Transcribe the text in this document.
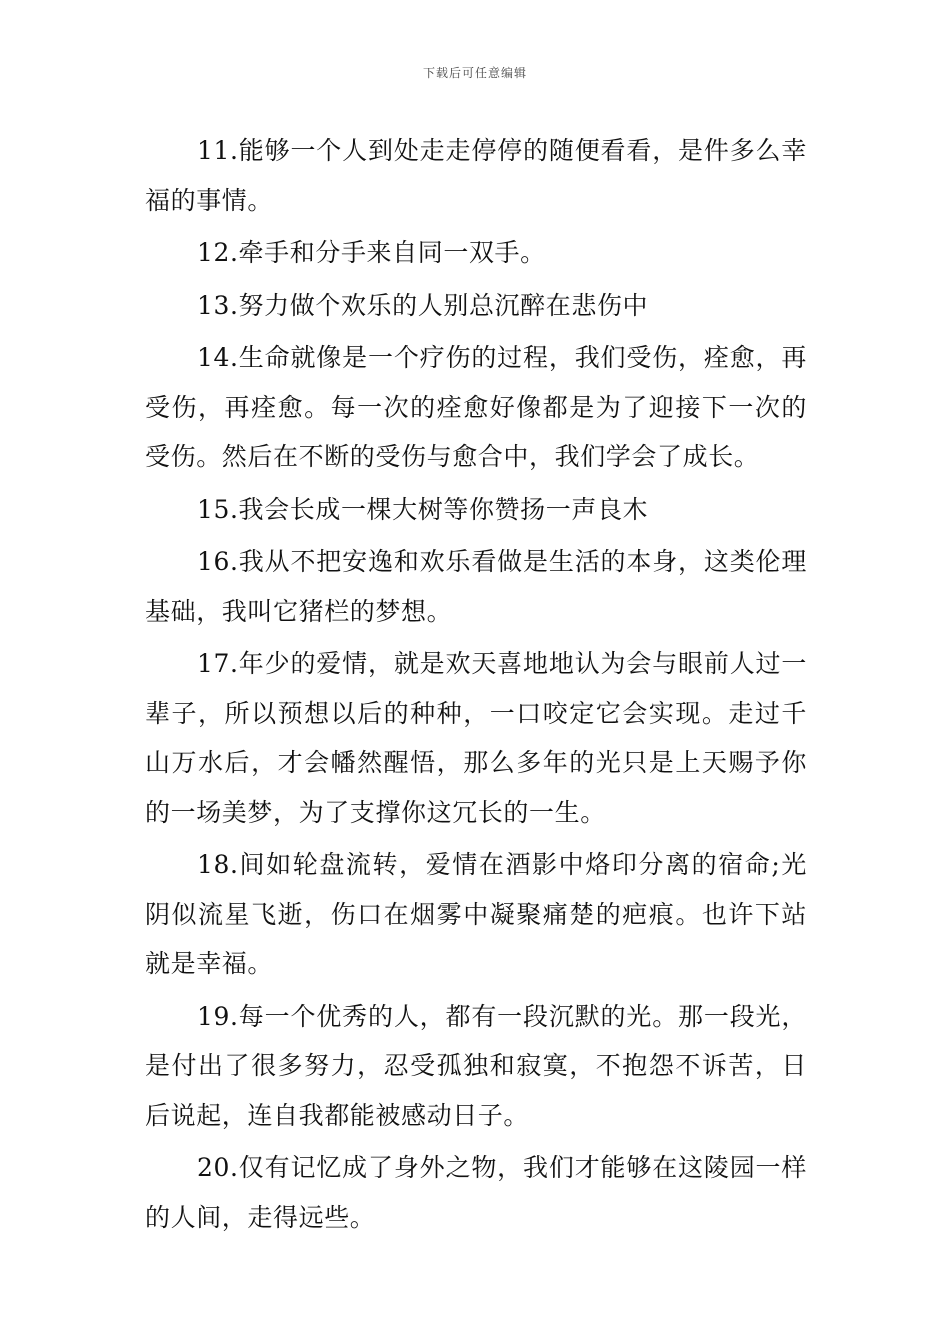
下载后可任意编辑

11.能够一个人到处走走停停的随便看看，是件多么幸福的事情。

12.牵手和分手来自同一双手。

13.努力做个欢乐的人别总沉醉在悲伤中

14.生命就像是一个疗伤的过程，我们受伤，痊愈，再受伤，再痊愈。每一次的痊愈好像都是为了迎接下一次的受伤。然后在不断的受伤与愈合中，我们学会了成长。

15.我会长成一棵大树等你赞扬一声良木

16.我从不把安逸和欢乐看做是生活的本身，这类伦理基础，我叫它猪栏的梦想。

17.年少的爱情，就是欢天喜地地认为会与眼前人过一辈子，所以预想以后的种种，一口咬定它会实现。走过千山万水后，才会幡然醒悟，那么多年的光只是上天赐予你的一场美梦，为了支撑你这冗长的一生。

18.间如轮盘流转，爱情在酒影中烙印分离的宿命;光阴似流星飞逝，伤口在烟雾中凝聚痛楚的疤痕。也许下站就是幸福。

19.每一个优秀的人，都有一段沉默的光。那一段光，是付出了很多努力，忍受孤独和寂寞，不抱怨不诉苦，日后说起，连自我都能被感动日子。

20.仅有记忆成了身外之物，我们才能够在这陵园一样的人间，走得远些。
